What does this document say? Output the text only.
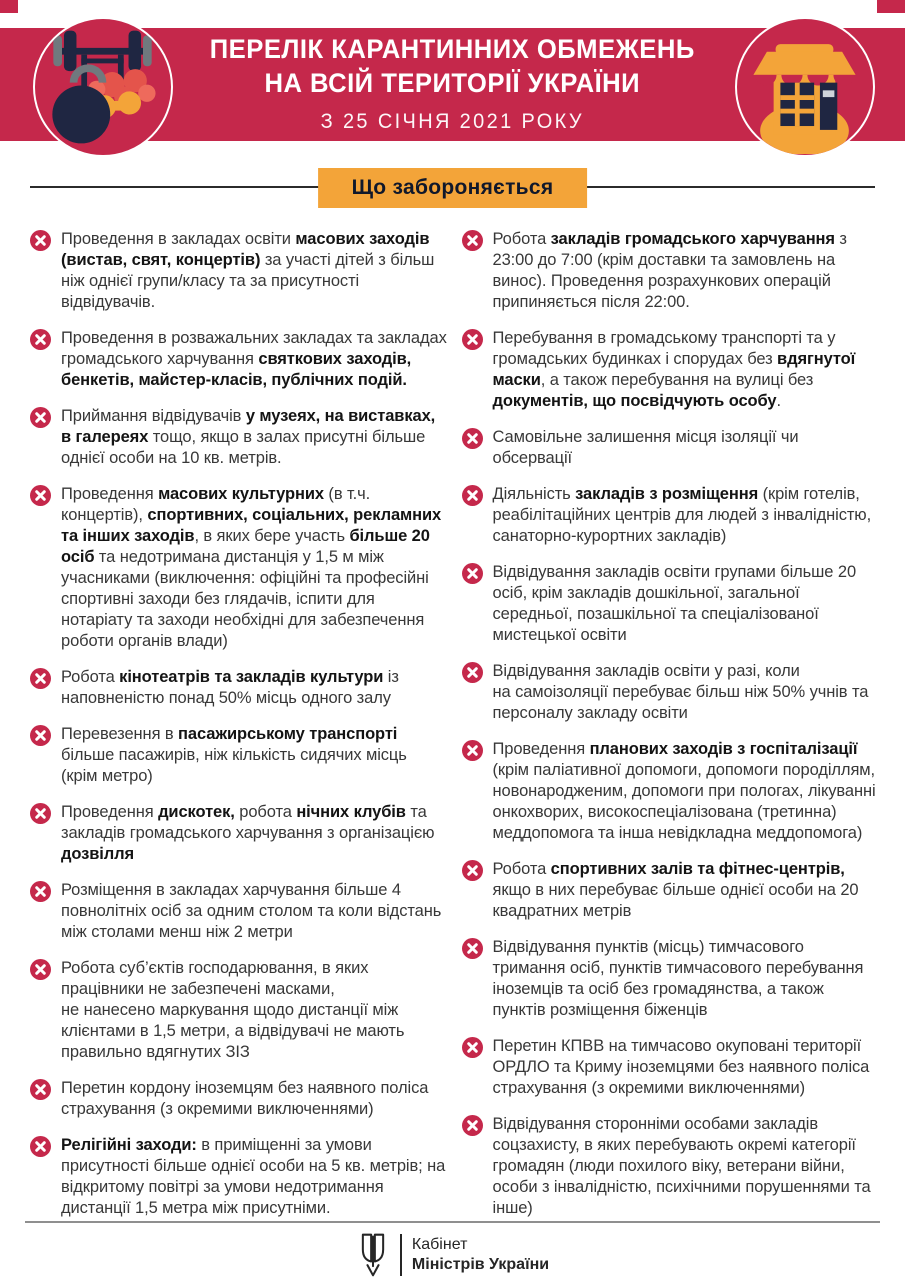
ПЕРЕЛІК КАРАНТИННИХ ОБМЕЖЕНЬ
НА ВСІЙ ТЕРИТОРІЇ УКРАЇНИ
З 25 СІЧНЯ 2021 РОКУ
Що забороняється
Проведення в закладах освіти масових заходів (вистав, свят, концертів) за участі дітей з більш ніж однієї групи/класу та за присутності відвідувачів.
Проведення в розважальних закладах та закладах громадського харчування святкових заходів, бенкетів, майстер-класів, публічних подій.
Приймання відвідувачів у музеях, на виставках, в галереях тощо, якщо в залах присутні більше однієї особи на 10 кв. метрів.
Проведення масових культурних (в т.ч. концертів), спортивних, соціальних, рекламних та інших заходів, в яких бере участь більше 20 осіб та недотримана дистанція у 1,5 м між учасниками (виключення: офіційні та професійні спортивні заходи без глядачів, іспити для нотаріату та заходи необхідні для забезпечення роботи органів влади)
Робота кінотеатрів та закладів культури із наповненістю понад 50% місць одного залу
Перевезення в пасажирському транспорті більше пасажирів, ніж кількість сидячих місць (крім метро)
Проведення дискотек, робота нічних клубів та закладів громадського харчування з організацією дозвілля
Розміщення в закладах харчування більше 4 повнолітніх осіб за одним столом та коли відстань між столами менш ніж 2 метри
Робота суб’єктів господарювання, в яких працівники не забезпечені масками,
не нанесено маркування щодо дистанції між клієнтами в 1,5 метри, а відвідувачі не мають правильно вдягнутих ЗІЗ
Перетин кордону іноземцям без наявного поліса страхування (з окремими виключеннями)
Релігійні заходи: в приміщенні за умови присутності більше однієї особи на 5 кв. метрів; на відкритому повітрі за умови недотримання дистанції 1,5 метра між присутніми.
Робота закладів громадського харчування з 23:00 до 7:00 (крім доставки та замовлень на винос). Проведення розрахункових операцій припиняється після 22:00.
Перебування в громадському транспорті та у громадських будинках і спорудах без вдягнутої маски, а також перебування на вулиці без документів, що посвідчують особу.
Самовільне залишення місця ізоляції чи обсервації
Діяльність закладів з розміщення (крім готелів, реабілітаційних центрів для людей з інвалідністю, санаторно-курортних закладів)
Відвідування закладів освіти групами більше 20 осіб, крім закладів дошкільної, загальної середньої, позашкільної та спеціалізованої мистецької освіти
Відвідування закладів освіти у разі, коли
на самоізоляції перебуває більш ніж 50% учнів та персоналу закладу освіти
Проведення планових заходів з госпіталізації (крім паліативної допомоги, допомоги породіллям, новонародженим, допомоги при пологах, лікуванні онкохворих, високоспеціалізована (третинна) меддопомога та інша невідкладна меддопомога)
Робота спортивних залів та фітнес-центрів, якщо в них перебуває більше однієї особи на 20 квадратних метрів
Відвідування пунктів (місць) тимчасового тримання осіб, пунктів тимчасового перебування іноземців та осіб без громадянства, а також пунктів розміщення біженців
Перетин КПВВ на тимчасово окуповані території ОРДЛО та Криму іноземцями без наявного поліса страхування (з окремими виключеннями)
Відвідування сторонніми особами закладів соцзахисту, в яких перебувають окремі категорії громадян (люди похилого віку, ветерани війни, особи з інвалідністю, психічними порушеннями та інше)
Кабінет
Міністрів України
